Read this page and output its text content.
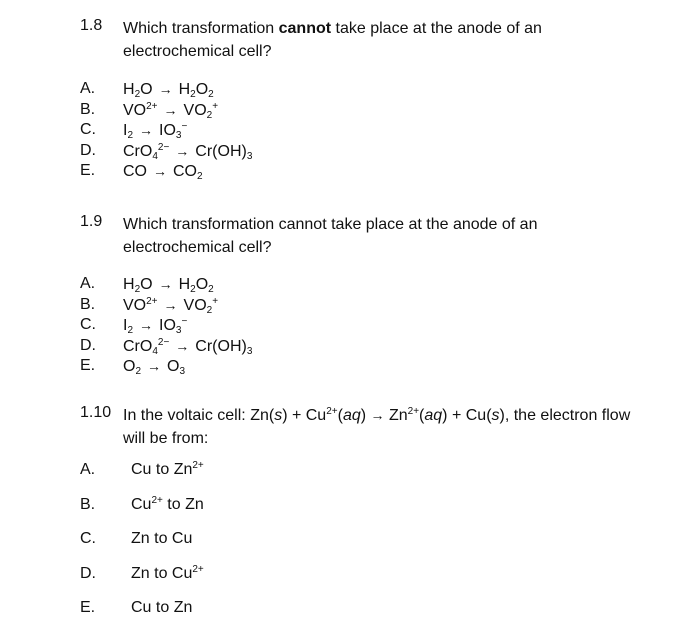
1.8 Which transformation cannot take place at the anode of an electrochemical cell?
A. $H_2O \to H_2O_2$
B. $VO^{2+} \to VO_2^+$
C. $I_2 \to IO_3^-$
D. $CrO_4^{2-} \to Cr(OH)_3$
E. CO → $CO_2$
1.9 Which transformation cannot take place at the anode of an electrochemical cell?
A. $H_2O \to H_2O_2$
B. $VO^{2+} \to VO_2^+$
C. $I_2 \to IO_3^-$
D. $CrO_4^{2-} \to Cr(OH)_3$
E. $O_2 \to O_3$
1.10 In the voltaic cell: $Zn(s) + Cu^{2+}(aq) \to Zn^{2+}(aq) + Cu(s)$, the electron flow will be from:
A. Cu to $Zn^{2+}$
B. $Cu^{2+}$ to Zn
C. Zn to Cu
D. Zn to $Cu^{2+}$
E. Cu to Zn
